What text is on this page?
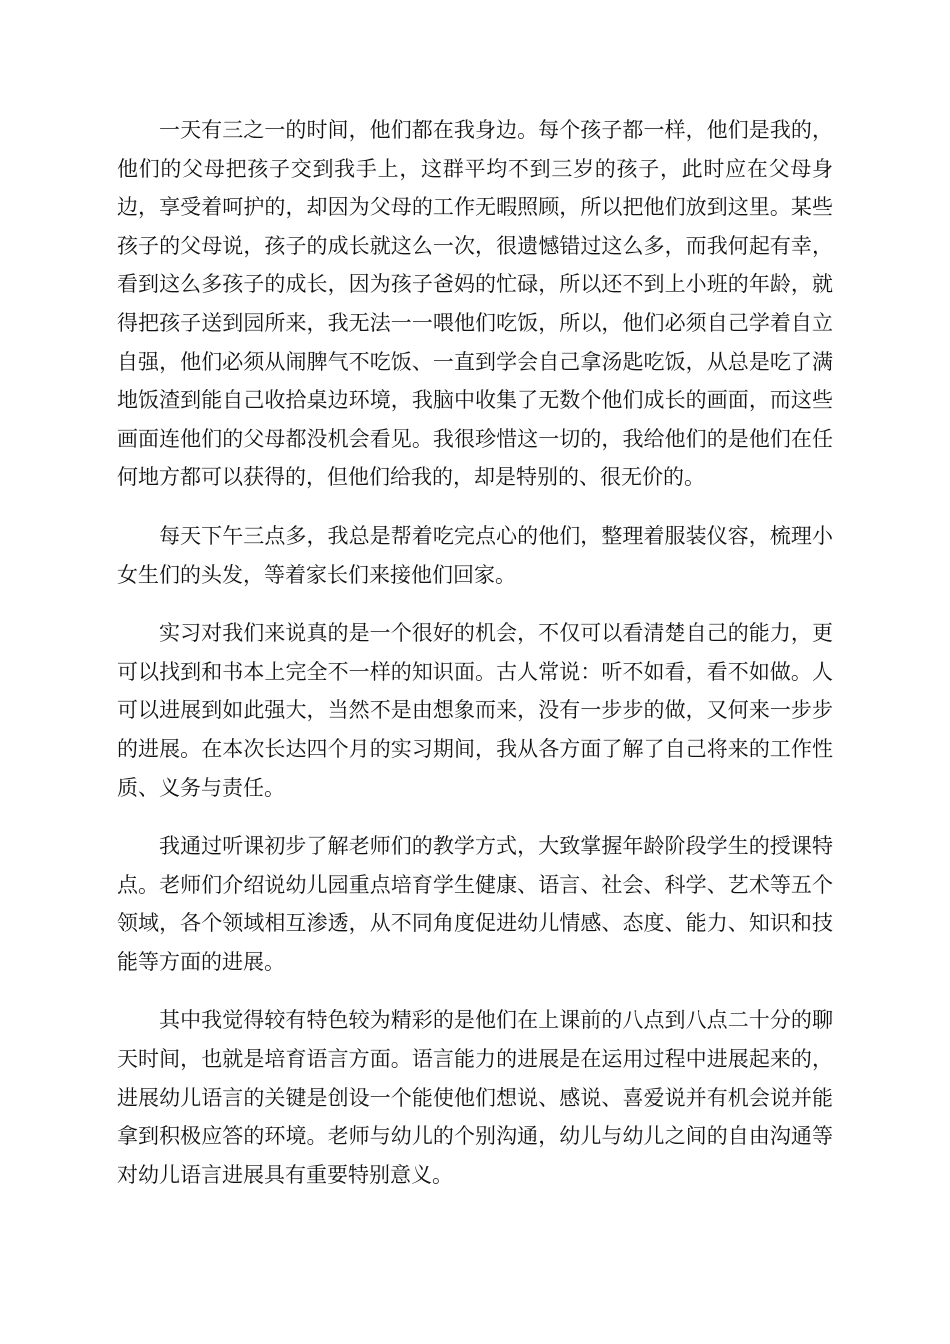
一天有三之一的时间，他们都在我身边。每个孩子都一样，他们是我的，他们的父母把孩子交到我手上，这群平均不到三岁的孩子，此时应在父母身边，享受着呵护的，却因为父母的工作无暇照顾，所以把他们放到这里。某些孩子的父母说，孩子的成长就这么一次，很遗憾错过这么多，而我何起有幸，看到这么多孩子的成长，因为孩子爸妈的忙碌，所以还不到上小班的年龄，就得把孩子送到园所来，我无法一一喂他们吃饭，所以，他们必须自己学着自立自强，他们必须从闹脾气不吃饭、一直到学会自己拿汤匙吃饭，从总是吃了满地饭渣到能自己收拾桌边环境，我脑中收集了无数个他们成长的画面，而这些画面连他们的父母都没机会看见。我很珍惜这一切的，我给他们的是他们在任何地方都可以获得的，但他们给我的，却是特别的、很无价的。

每天下午三点多，我总是帮着吃完点心的他们，整理着服装仪容，梳理小女生们的头发，等着家长们来接他们回家。

实习对我们来说真的是一个很好的机会，不仅可以看清楚自己的能力，更可以找到和书本上完全不一样的知识面。古人常说：听不如看，看不如做。人可以进展到如此强大，当然不是由想象而来，没有一步步的做，又何来一步步的进展。在本次长达四个月的实习期间，我从各方面了解了自己将来的工作性质、义务与责任。

我通过听课初步了解老师们的教学方式，大致掌握年龄阶段学生的授课特点。老师们介绍说幼儿园重点培育学生健康、语言、社会、科学、艺术等五个领域，各个领域相互渗透，从不同角度促进幼儿情感、态度、能力、知识和技能等方面的进展。

其中我觉得较有特色较为精彩的是他们在上课前的八点到八点二十分的聊天时间，也就是培育语言方面。语言能力的进展是在运用过程中进展起来的，进展幼儿语言的关键是创设一个能使他们想说、感说、喜爱说并有机会说并能拿到积极应答的环境。老师与幼儿的个别沟通，幼儿与幼儿之间的自由沟通等对幼儿语言进展具有重要特别意义。
